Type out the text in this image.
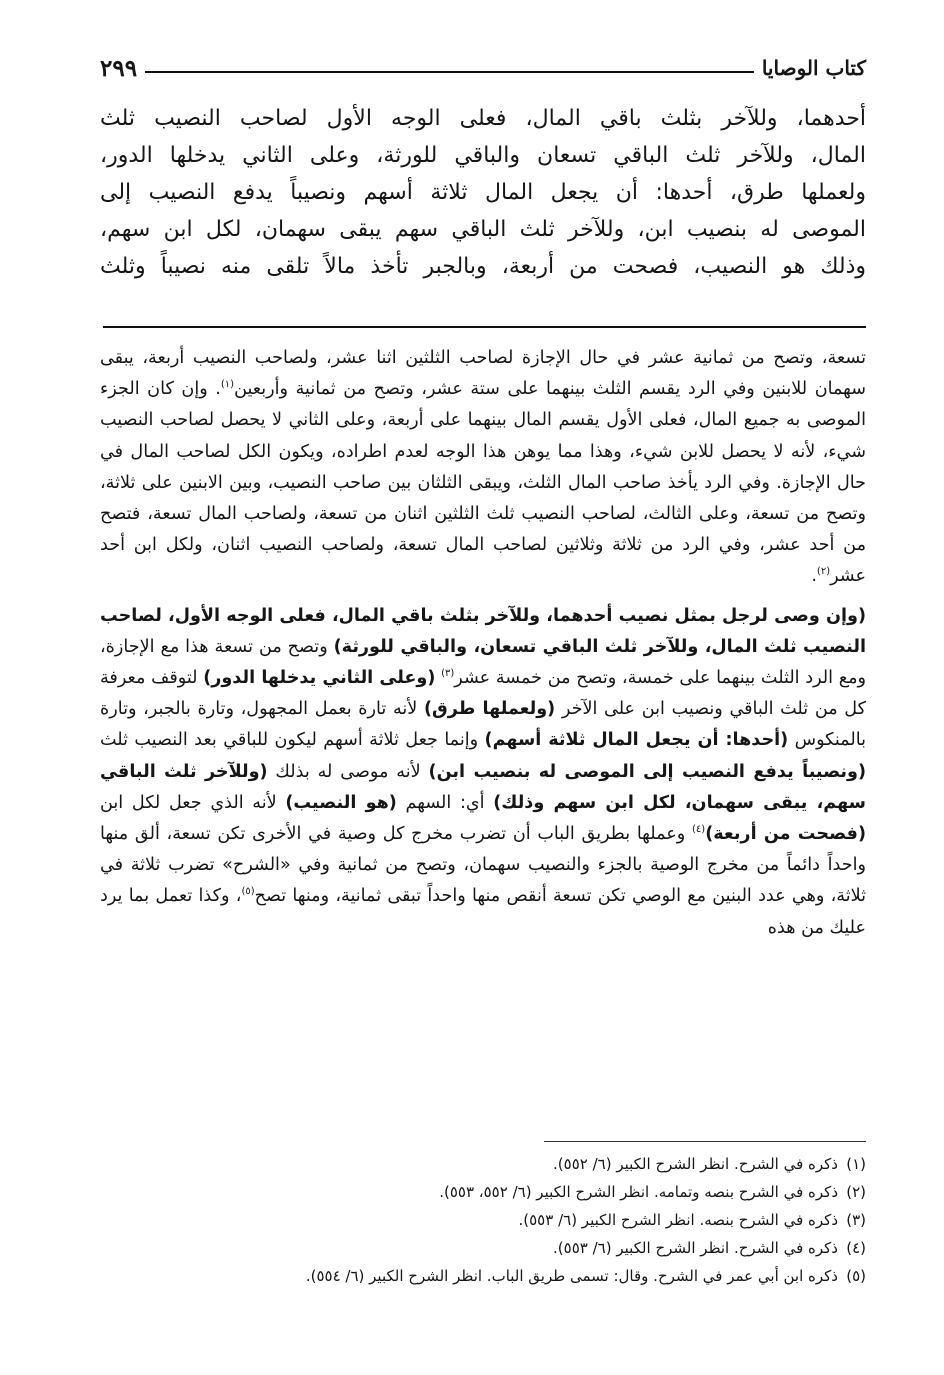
كتاب الوصايا
٢٩٩

أحدهما، وللآخر بثلث باقي المال، فعلى الوجه الأول لصاحب النصيب ثلث

المال، وللآخر ثلث الباقي تسعان والباقي للورثة، وعلى الثاني يدخلها الدور،

ولعملها طرق، أحدها: أن يجعل المال ثلاثة أسهم ونصيباً يدفع النصيب إلى

الموصى له بنصيب ابن، وللآخر ثلث الباقي سهم يبقى سهمان، لكل ابن سهم،

وذلك هو النصيب، فصحت من أربعة، وبالجبر تأخذ مالاً تلقى منه نصيباً وثلث

تسعة، وتصح من ثمانية عشر في حال الإجازة لصاحب الثلثين اثنا عشر، ولصاحب النصيب أربعة، يبقى سهمان للابنين وفي الرد يقسم الثلث بينهما على ستة عشر، وتصح من ثمانية وأربعين$^{(١)}$. وإن كان الجزء الموصى به جميع المال، فعلى الأول يقسم المال بينهما على أربعة، وعلى الثاني لا يحصل لصاحب النصيب شيء، لأنه لا يحصل للابن شيء، وهذا مما يوهن هذا الوجه لعدم اطراده، ويكون الكل لصاحب المال في حال الإجازة. وفي الرد يأخذ صاحب المال الثلث، ويبقى الثلثان بين صاحب النصيب، وبين الابنين على ثلاثة، وتصح من تسعة، وعلى الثالث، لصاحب النصيب ثلث الثلثين اثنان من تسعة، ولصاحب المال تسعة، فتصح من أحد عشر، وفي الرد من ثلاثة وثلاثين لصاحب المال تسعة، ولصاحب النصيب اثنان، ولكل ابن أحد عشر$^{(٢)}$.

(وإن وصى لرجل بمثل نصيب أحدهما، وللآخر بثلث باقي المال، فعلى الوجه الأول، لصاحب النصيب ثلث المال، وللآخر ثلث الباقي تسعان، والباقي للورثة) وتصح من تسعة هذا مع الإجازة، ومع الرد الثلث بينهما على خمسة، وتصح من خمسة عشر$^{(٣)}$ (وعلى الثاني يدخلها الدور) لتوقف معرفة كل من ثلث الباقي ونصيب ابن على الآخر (ولعملها طرق) لأنه تارة بعمل المجهول، وتارة بالجبر، وتارة بالمنكوس (أحدها: أن يجعل المال ثلاثة أسهم) وإنما جعل ثلاثة أسهم ليكون للباقي بعد النصيب ثلث (ونصيباً يدفع النصيب إلى الموصى له بنصيب ابن) لأنه موصى له بذلك (وللآخر ثلث الباقي سهم، يبقى سهمان، لكل ابن سهم وذلك) أي: السهم (هو النصيب) لأنه الذي جعل لكل ابن (فصحت من أربعة)$^{(٤)}$ وعملها بطريق الباب أن تضرب مخرج كل وصية في الأخرى تكن تسعة، ألق منها واحداً دائماً من مخرج الوصية بالجزء والنصيب سهمان، وتصح من ثمانية وفي «الشرح» تضرب ثلاثة في ثلاثة، وهي عدد البنين مع الوصي تكن تسعة أنقص منها واحداً تبقى ثمانية، ومنها تصح$^{(٥)}$، وكذا تعمل بما يرد عليك من هذه

(١)ذكره في الشرح. انظر الشرح الكبير (٦/ ٥٥٢).
(٢)ذكره في الشرح بنصه وتمامه. انظر الشرح الكبير (٦/ ٥٥٢، ٥٥٣).
(٣)ذكره في الشرح بنصه. انظر الشرح الكبير (٦/ ٥٥٣).
(٤)ذكره في الشرح. انظر الشرح الكبير (٦/ ٥٥٣).
(٥)ذكره ابن أبي عمر في الشرح. وقال: تسمى طريق الباب. انظر الشرح الكبير (٦/ ٥٥٤).
